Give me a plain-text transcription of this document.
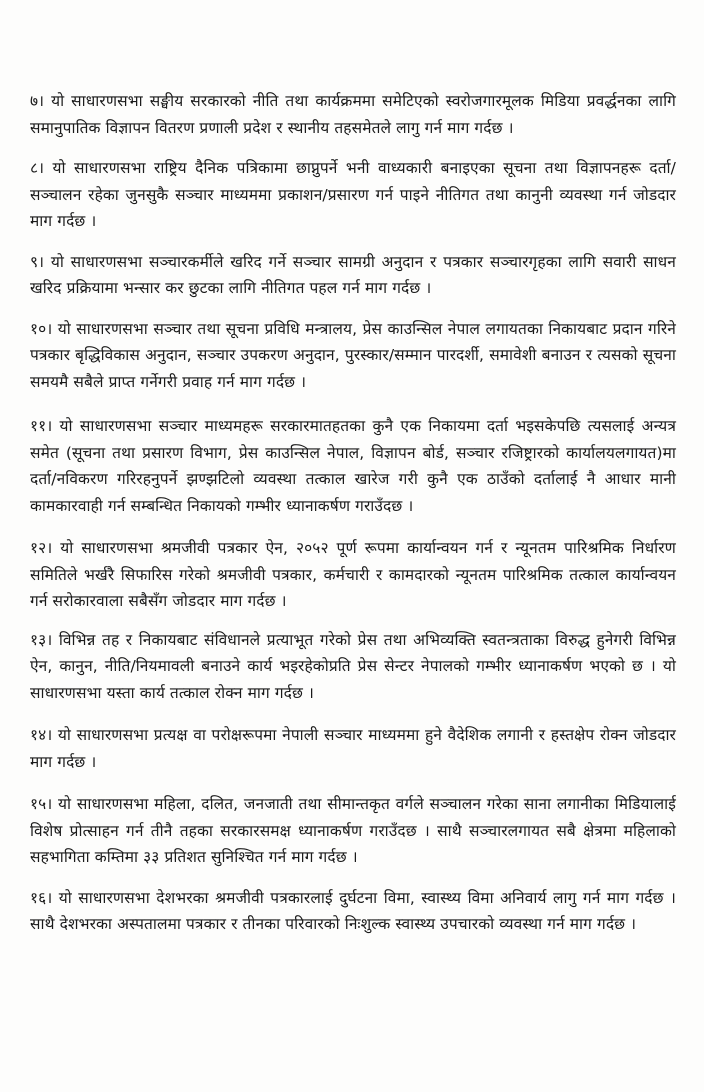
७। यो साधारणसभा सङ्घीय सरकारको नीति तथा कार्यक्रममा समेटिएको स्वरोजगारमूलक मिडिया प्रवर्द्धनका लागि समानुपातिक विज्ञापन वितरण प्रणाली प्रदेश र स्थानीय तहसमेतले लागु गर्न माग गर्दछ ।

८। यो साधारणसभा राष्ट्रिय दैनिक पत्रिकामा छाप्नुपर्ने भनी वाध्यकारी बनाइएका सूचना तथा विज्ञापनहरू दर्ता/सञ्चालन रहेका जुनसुकै सञ्चार माध्यममा प्रकाशन/प्रसारण गर्न पाइने नीतिगत तथा कानुनी व्यवस्था गर्न जोडदार माग गर्दछ ।

९। यो साधारणसभा सञ्चारकर्मीले खरिद गर्ने सञ्चार सामग्री अनुदान र पत्रकार सञ्चारगृहका लागि सवारी साधन खरिद प्रक्रियामा भन्सार कर छुटका लागि नीतिगत पहल गर्न माग गर्दछ ।

१०। यो साधारणसभा सञ्चार तथा सूचना प्रविधि मन्त्रालय, प्रेस काउन्सिल नेपाल लगायतका निकायबाट प्रदान गरिने पत्रकार बृद्धिविकास अनुदान, सञ्चार उपकरण अनुदान, पुरस्कार/सम्मान पारदर्शी, समावेशी बनाउन र त्यसको सूचना समयमै सबैले प्राप्त गर्नेगरी प्रवाह गर्न माग गर्दछ ।

११। यो साधारणसभा सञ्चार माध्यमहरू सरकारमातहतका कुनै एक निकायमा दर्ता भइसकेपछि त्यसलाई अन्यत्र समेत (सूचना तथा प्रसारण विभाग, प्रेस काउन्सिल नेपाल, विज्ञापन बोर्ड, सञ्चार रजिष्ट्रारको कार्यालयलगायत)मा दर्ता/नविकरण गरिरहनुपर्ने झण्झटिलो व्यवस्था तत्काल खारेज गरी कुनै एक ठाउँको दर्तालाई नै आधार मानी कामकारवाही गर्न सम्बन्धित निकायको गम्भीर ध्यानाकर्षण गराउँदछ ।

१२। यो साधारणसभा श्रमजीवी पत्रकार ऐन, २०५२ पूर्ण रूपमा कार्यान्वयन गर्न र न्यूनतम पारिश्रमिक निर्धारण समितिले भर्खरै सिफारिस गरेको श्रमजीवी पत्रकार, कर्मचारी र कामदारको न्यूनतम पारिश्रमिक तत्काल कार्यान्वयन गर्न सरोकारवाला सबैसँग जोडदार माग गर्दछ ।

१३। विभिन्न तह र निकायबाट संविधानले प्रत्याभूत गरेको प्रेस तथा अभिव्यक्ति स्वतन्त्रताका विरुद्ध हुनेगरी विभिन्न ऐन, कानुन, नीति/नियमावली बनाउने कार्य भइरहेकोप्रति प्रेस सेन्टर नेपालको गम्भीर ध्यानाकर्षण भएको छ । यो साधारणसभा यस्ता कार्य तत्काल रोक्न माग गर्दछ ।

१४। यो साधारणसभा प्रत्यक्ष वा परोक्षरूपमा नेपाली सञ्चार माध्यममा हुने वैदेशिक लगानी र हस्तक्षेप रोक्न जोडदार माग गर्दछ ।

१५। यो साधारणसभा महिला, दलित, जनजाती तथा सीमान्तकृत वर्गले सञ्चालन गरेका साना लगानीका मिडियालाई विशेष प्रोत्साहन गर्न तीनै तहका सरकारसमक्ष ध्यानाकर्षण गराउँदछ । साथै सञ्चारलगायत सबै क्षेत्रमा महिलाको सहभागिता कम्तिमा ३३ प्रतिशत सुनिश्चित गर्न माग गर्दछ ।

१६। यो साधारणसभा देशभरका श्रमजीवी पत्रकारलाई दुर्घटना विमा, स्वास्थ्य विमा अनिवार्य लागु गर्न माग गर्दछ । साथै देशभरका अस्पतालमा पत्रकार र तीनका परिवारको निःशुल्क स्वास्थ्य उपचारको व्यवस्था गर्न माग गर्दछ ।
